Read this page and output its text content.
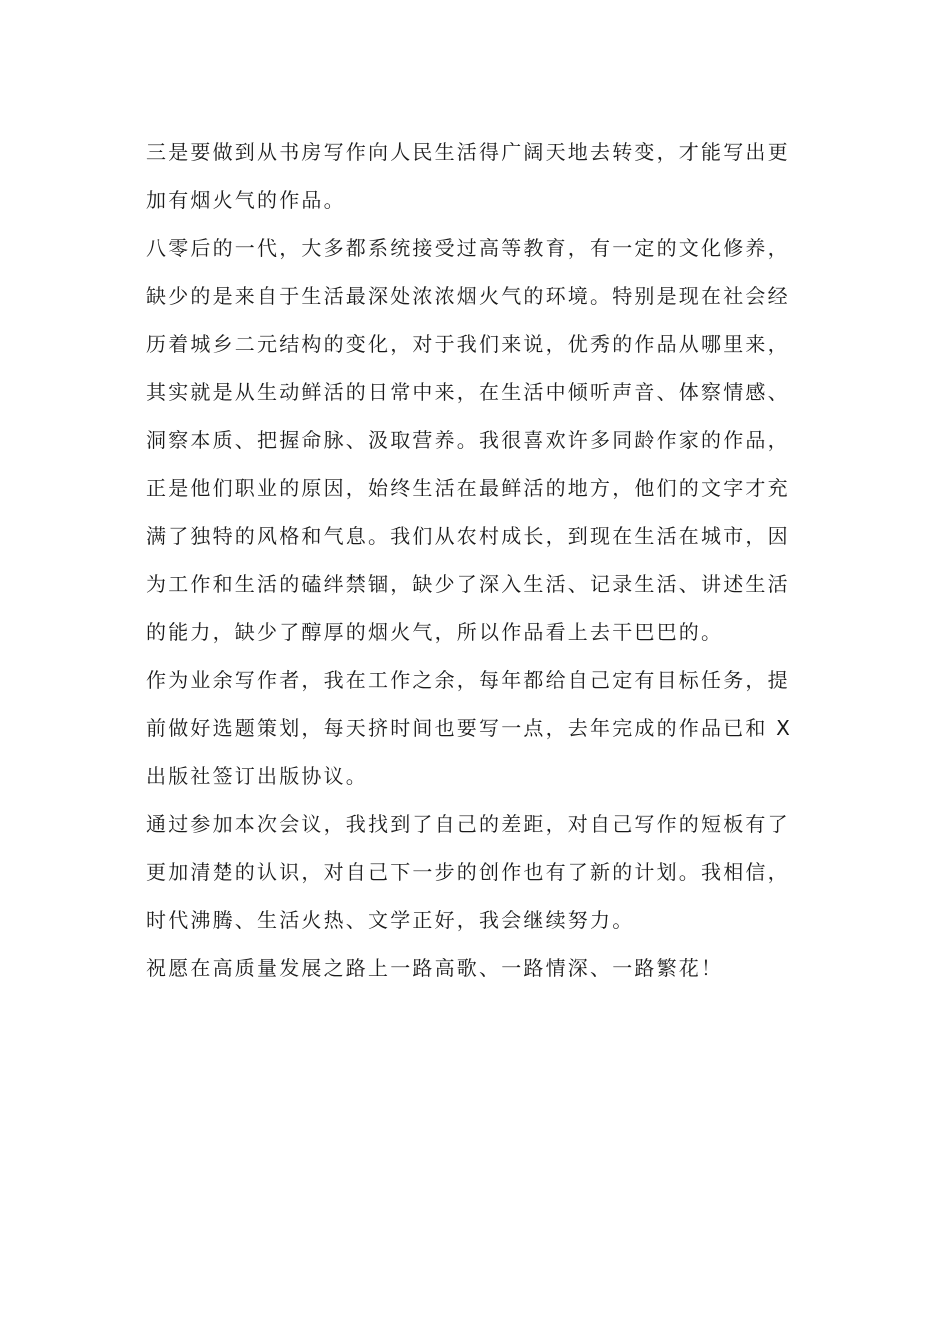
三是要做到从书房写作向人民生活得广阔天地去转变，才能写出更
加有烟火气的作品。
八零后的一代，大多都系统接受过高等教育，有一定的文化修养，
缺少的是来自于生活最深处浓浓烟火气的环境。特别是现在社会经
历着城乡二元结构的变化，对于我们来说，优秀的作品从哪里来，
其实就是从生动鲜活的日常中来，在生活中倾听声音、体察情感、
洞察本质、把握命脉、汲取营养。我很喜欢许多同龄作家的作品，
正是他们职业的原因，始终生活在最鲜活的地方，他们的文字才充
满了独特的风格和气息。我们从农村成长，到现在生活在城市，因
为工作和生活的磕绊禁锢，缺少了深入生活、记录生活、讲述生活
的能力，缺少了醇厚的烟火气，所以作品看上去干巴巴的。
作为业余写作者，我在工作之余，每年都给自己定有目标任务，提
前做好选题策划，每天挤时间也要写一点，去年完成的作品已和 X
出版社签订出版协议。
通过参加本次会议，我找到了自己的差距，对自己写作的短板有了
更加清楚的认识，对自己下一步的创作也有了新的计划。我相信，
时代沸腾、生活火热、文学正好，我会继续努力。
祝愿在高质量发展之路上一路高歌、一路情深、一路繁花！
